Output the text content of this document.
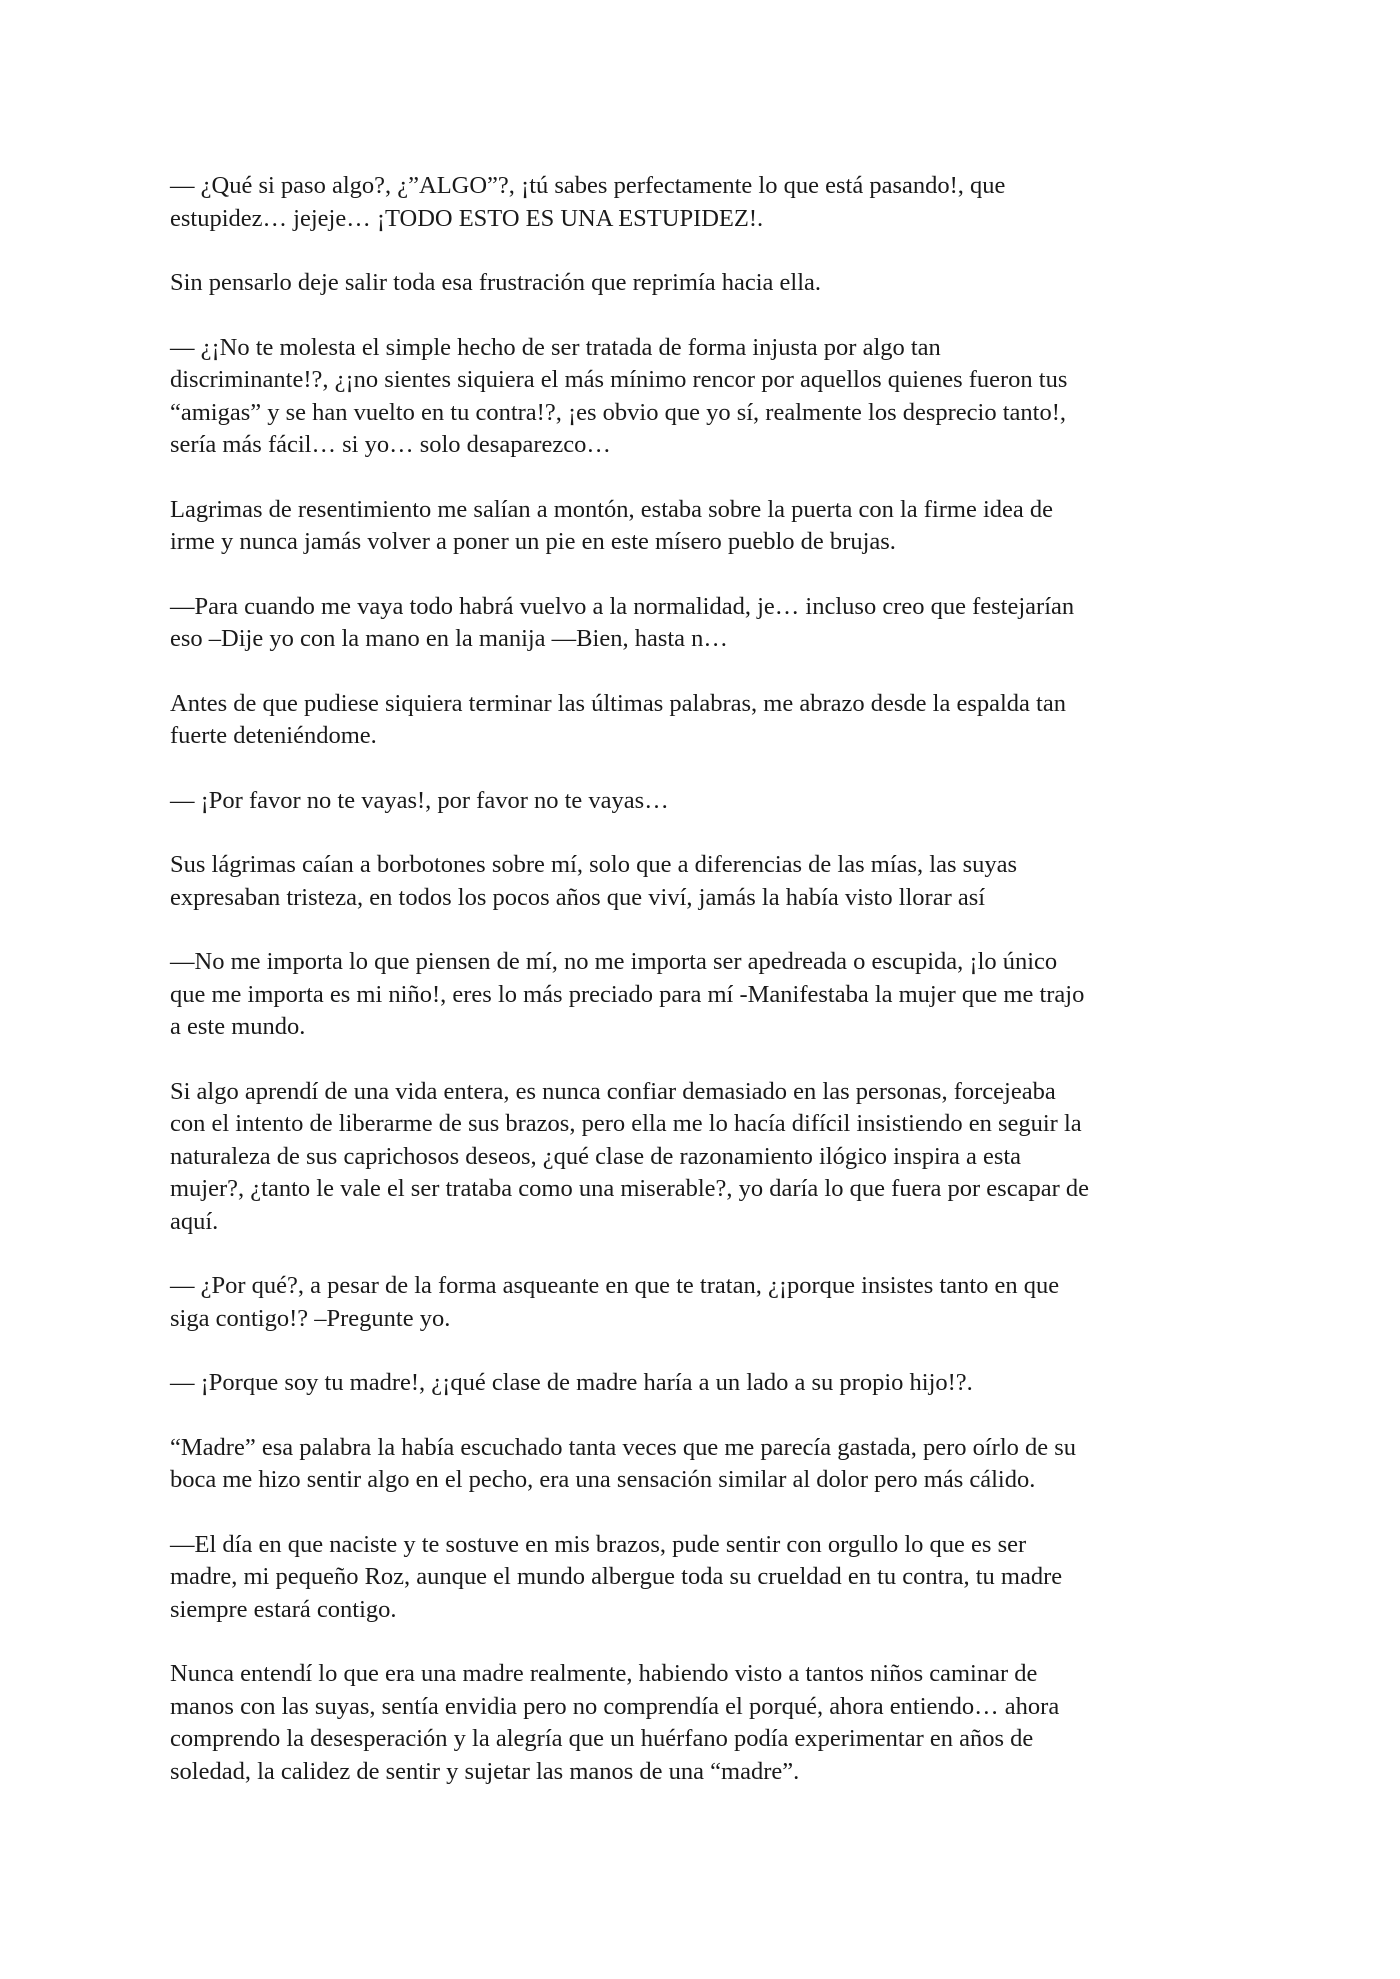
— ¿Qué si paso algo?, ¿”ALGO”?, ¡tú sabes perfectamente lo que está pasando!, que
estupidez… jejeje… ¡TODO ESTO ES UNA ESTUPIDEZ!.

Sin pensarlo deje salir toda esa frustración que reprimía hacia ella.

— ¿¡No te molesta el simple hecho de ser tratada de forma injusta por algo tan
discriminante!?, ¿¡no sientes siquiera el más mínimo rencor por aquellos quienes fueron tus
“amigas” y se han vuelto en tu contra!?, ¡es obvio que yo sí, realmente los desprecio tanto!,
sería más fácil… si yo… solo desaparezco…

Lagrimas de resentimiento me salían a montón, estaba sobre la puerta con la firme idea de
irme y nunca jamás volver a poner un pie en este mísero pueblo de brujas.

—Para cuando me vaya todo habrá vuelvo a la normalidad, je… incluso creo que festejarían
eso –Dije yo con la mano en la manija —Bien, hasta n…

Antes de que pudiese siquiera terminar las últimas palabras, me abrazo desde la espalda tan
fuerte deteniéndome.

— ¡Por favor no te vayas!, por favor no te vayas…

Sus lágrimas caían a borbotones sobre mí, solo que a diferencias de las mías, las suyas
expresaban tristeza, en todos los pocos años que viví, jamás la había visto llorar así

—No me importa lo que piensen de mí, no me importa ser apedreada o escupida, ¡lo único
que me importa es mi niño!, eres lo más preciado para mí -Manifestaba la mujer que me trajo
a este mundo.

Si algo aprendí de una vida entera, es nunca confiar demasiado en las personas, forcejeaba
con el intento de liberarme de sus brazos, pero ella me lo hacía difícil insistiendo en seguir la
naturaleza de sus caprichosos deseos, ¿qué clase de razonamiento ilógico inspira a esta
mujer?, ¿tanto le vale el ser trataba como una miserable?, yo daría lo que fuera por escapar de
aquí.

— ¿Por qué?, a pesar de la forma asqueante en que te tratan, ¿¡porque insistes tanto en que
siga contigo!? –Pregunte yo.

— ¡Porque soy tu madre!, ¿¡qué clase de madre haría a un lado a su propio hijo!?.

“Madre” esa palabra la había escuchado tanta veces que me parecía gastada, pero oírlo de su
boca me hizo sentir algo en el pecho, era una sensación similar al dolor pero más cálido.

—El día en que naciste y te sostuve en mis brazos, pude sentir con orgullo lo que es ser
madre, mi pequeño Roz, aunque el mundo albergue toda su crueldad en tu contra, tu madre
siempre estará contigo.

Nunca entendí lo que era una madre realmente, habiendo visto a tantos niños caminar de
manos con las suyas, sentía envidia pero no comprendía el porqué, ahora entiendo… ahora
comprendo la desesperación y la alegría que un huérfano podía experimentar en años de
soledad, la calidez de sentir y sujetar las manos de una “madre”.
